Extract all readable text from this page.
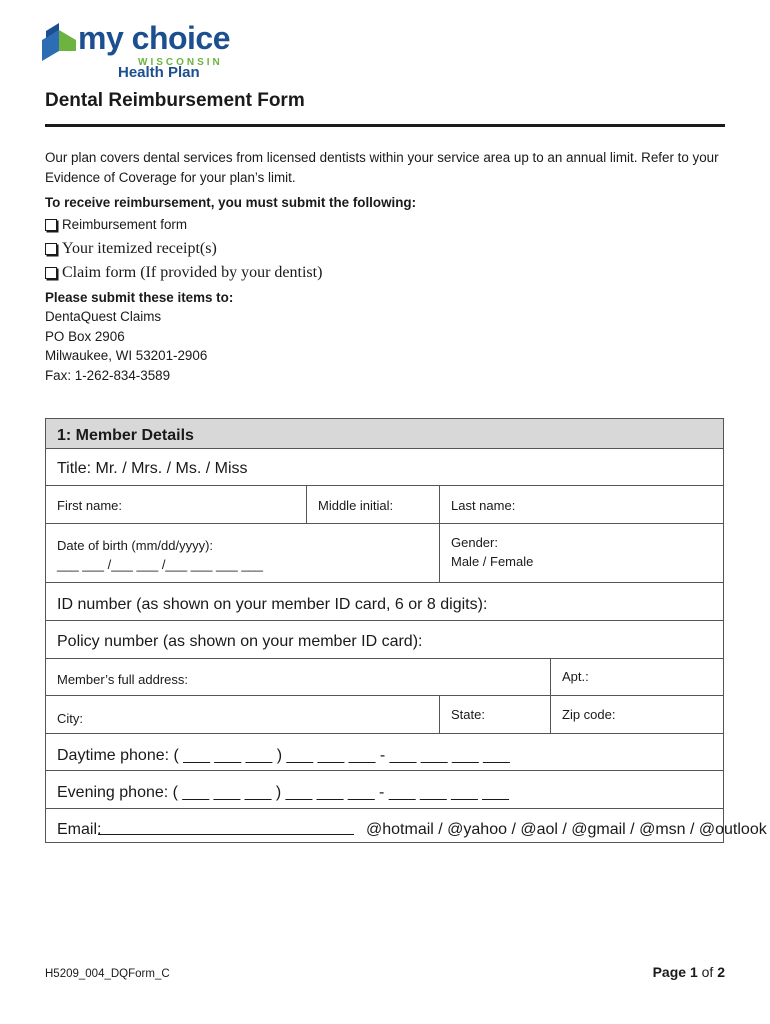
my choice
WISCONSIN
Health Plan
Dental Reimbursement Form
Our plan covers dental services from licensed dentists within your service area up to an annual limit. Refer to your Evidence of Coverage for your plan’s limit.
To receive reimbursement, you must submit the following:
Reimbursement form
Your itemized receipt(s)
Claim form (If provided by your dentist)
Please submit these items to:
DentaQuest Claims
PO Box 2906
Milwaukee, WI 53201-2906
Fax: 1-262-834-3589
1: Member Details
Title: Mr. / Mrs. / Ms. / Miss
First name:	Middle initial:	Last name:
Date of birth (mm/dd/yyyy):
___ ___ /___ ___ /___ ___ ___ ___
Gender:
Male / Female
ID number (as shown on your member ID card, 6 or 8 digits):
Policy number (as shown on your member ID card):
Member’s full address:	Apt.:
City:	State:	Zip code:
Daytime phone: ( ___ ___ ___ ) ___ ___ ___ - ___ ___ ___ ___
Evening phone: ( ___ ___ ___ ) ___ ___ ___ - ___ ___ ___ ___
Email:	@hotmail / @yahoo / @aol / @gmail / @msn / @outlook
H5209_004_DQForm_C	Page 1 of 2
